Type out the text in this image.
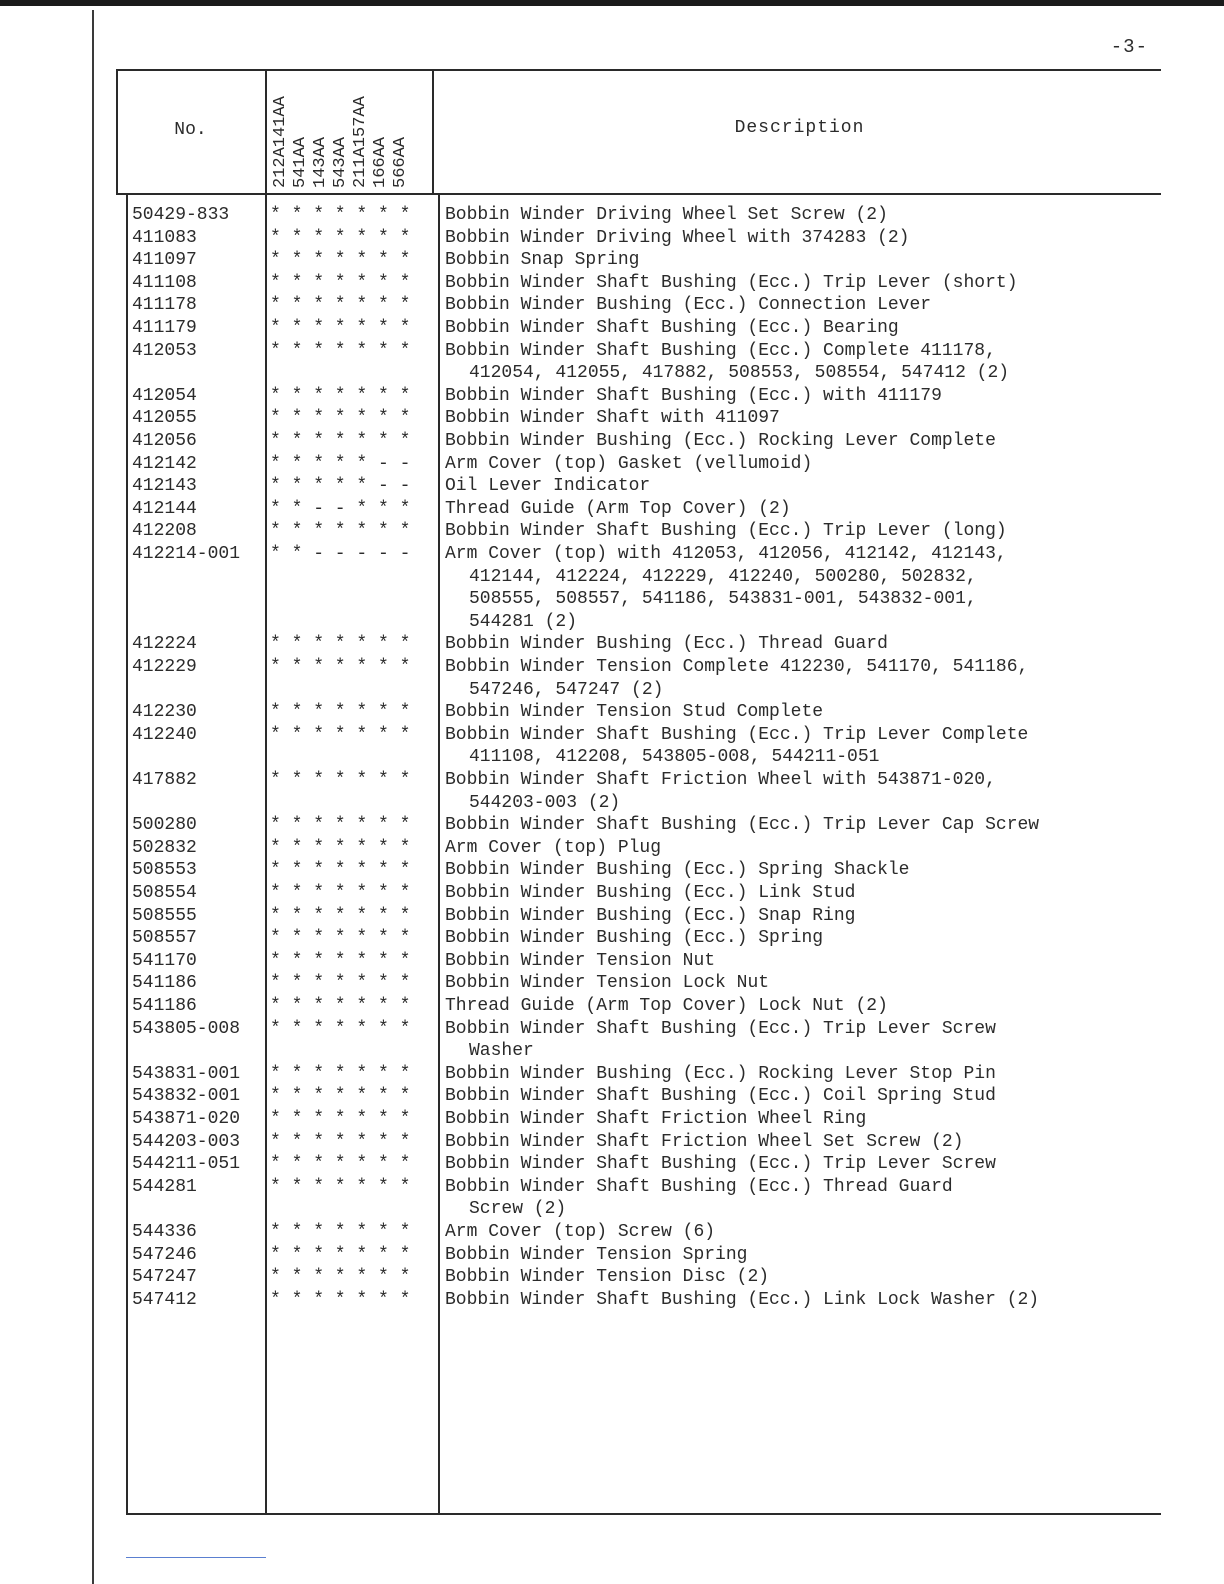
-3-
No.	212A141AA 541AA 143AA 543AA 211A157AA 166AA 566AA
Description
50429-833	* * * * * * *	Bobbin Winder Driving Wheel Set Screw (2)
411083	* * * * * * *	Bobbin Winder Driving Wheel with 374283 (2)
411097	* * * * * * *	Bobbin Snap Spring
411108	* * * * * * *	Bobbin Winder Shaft Bushing (Ecc.) Trip Lever (short)
411178	* * * * * * *	Bobbin Winder Bushing (Ecc.) Connection Lever
411179	* * * * * * *	Bobbin Winder Shaft Bushing (Ecc.) Bearing
412053	* * * * * * *	Bobbin Winder Shaft Bushing (Ecc.) Complete 411178,
412054, 412055, 417882, 508553, 508554, 547412 (2)
412054	* * * * * * *	Bobbin Winder Shaft Bushing (Ecc.) with 411179
412055	* * * * * * *	Bobbin Winder Shaft with 411097
412056	* * * * * * *	Bobbin Winder Bushing (Ecc.) Rocking Lever Complete
412142	* * * * * - -	Arm Cover (top) Gasket (vellumoid)
412143	* * * * * - -	Oil Lever Indicator
412144	* * - - * * *	Thread Guide (Arm Top Cover) (2)
412208	* * * * * * *	Bobbin Winder Shaft Bushing (Ecc.) Trip Lever (long)
412214-001	* * - - - - -	Arm Cover (top) with 412053, 412056, 412142, 412143,
412144, 412224, 412229, 412240, 500280, 502832,
508555, 508557, 541186, 543831-001, 543832-001,
544281 (2)
412224	* * * * * * *	Bobbin Winder Bushing (Ecc.) Thread Guard
412229	* * * * * * *	Bobbin Winder Tension Complete 412230, 541170, 541186,
547246, 547247 (2)
412230	* * * * * * *	Bobbin Winder Tension Stud Complete
412240	* * * * * * *	Bobbin Winder Shaft Bushing (Ecc.) Trip Lever Complete
411108, 412208, 543805-008, 544211-051
417882	* * * * * * *	Bobbin Winder Shaft Friction Wheel with 543871-020,
544203-003 (2)
500280	* * * * * * *	Bobbin Winder Shaft Bushing (Ecc.) Trip Lever Cap Screw
502832	* * * * * * *	Arm Cover (top) Plug
508553	* * * * * * *	Bobbin Winder Bushing (Ecc.) Spring Shackle
508554	* * * * * * *	Bobbin Winder Bushing (Ecc.) Link Stud
508555	* * * * * * *	Bobbin Winder Bushing (Ecc.) Snap Ring
508557	* * * * * * *	Bobbin Winder Bushing (Ecc.) Spring
541170	* * * * * * *	Bobbin Winder Tension Nut
541186	* * * * * * *	Bobbin Winder Tension Lock Nut
541186	* * * * * * *	Thread Guide (Arm Top Cover) Lock Nut (2)
543805-008	* * * * * * *	Bobbin Winder Shaft Bushing (Ecc.) Trip Lever Screw
Washer
543831-001	* * * * * * *	Bobbin Winder Bushing (Ecc.) Rocking Lever Stop Pin
543832-001	* * * * * * *	Bobbin Winder Shaft Bushing (Ecc.) Coil Spring Stud
543871-020	* * * * * * *	Bobbin Winder Shaft Friction Wheel Ring
544203-003	* * * * * * *	Bobbin Winder Shaft Friction Wheel Set Screw (2)
544211-051	* * * * * * *	Bobbin Winder Shaft Bushing (Ecc.) Trip Lever Screw
544281	* * * * * * *	Bobbin Winder Shaft Bushing (Ecc.) Thread Guard
Screw (2)
544336	* * * * * * *	Arm Cover (top) Screw (6)
547246	* * * * * * *	Bobbin Winder Tension Spring
547247	* * * * * * *	Bobbin Winder Tension Disc (2)
547412	* * * * * * *	Bobbin Winder Shaft Bushing (Ecc.) Link Lock Washer (2)
